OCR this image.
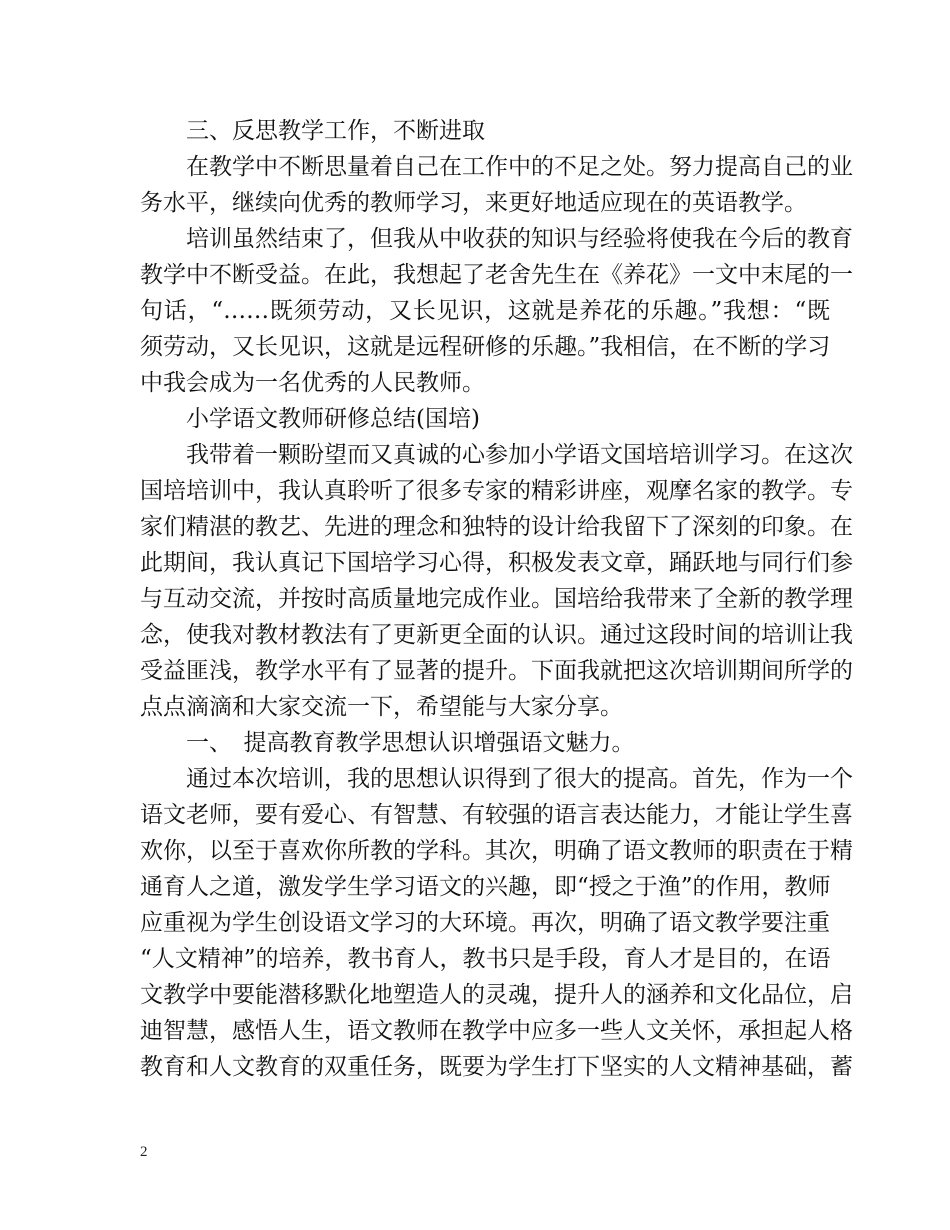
三、反思教学工作，不断进取
在教学中不断思量着自己在工作中的不足之处。努力提高自己的业
务水平，继续向优秀的教师学习，来更好地适应现在的英语教学。
培训虽然结束了，但我从中收获的知识与经验将使我在今后的教育
教学中不断受益。在此，我想起了老舍先生在《养花》一文中末尾的一
句话，“……既须劳动，又长见识，这就是养花的乐趣。”我想：“既
须劳动，又长见识，这就是远程研修的乐趣。”我相信，在不断的学习
中我会成为一名优秀的人民教师。
小学语文教师研修总结(国培)
我带着一颗盼望而又真诚的心参加小学语文国培培训学习。在这次
国培培训中，我认真聆听了很多专家的精彩讲座，观摩名家的教学。专
家们精湛的教艺、先进的理念和独特的设计给我留下了深刻的印象。在
此期间，我认真记下国培学习心得，积极发表文章，踊跃地与同行们参
与互动交流，并按时高质量地完成作业。国培给我带来了全新的教学理
念，使我对教材教法有了更新更全面的认识。通过这段时间的培训让我
受益匪浅，教学水平有了显著的提升。下面我就把这次培训期间所学的
点点滴滴和大家交流一下，希望能与大家分享。
一、　提高教育教学思想认识增强语文魅力。
通过本次培训，我的思想认识得到了很大的提高。首先，作为一个
语文老师，要有爱心、有智慧、有较强的语言表达能力，才能让学生喜
欢你，以至于喜欢你所教的学科。其次，明确了语文教师的职责在于精
通育人之道，激发学生学习语文的兴趣，即“授之于渔”的作用，教师
应重视为学生创设语文学习的大环境。再次，明确了语文教学要注重
“人文精神”的培养，教书育人，教书只是手段，育人才是目的，在语
文教学中要能潜移默化地塑造人的灵魂，提升人的涵养和文化品位，启
迪智慧，感悟人生，语文教师在教学中应多一些人文关怀，承担起人格
教育和人文教育的双重任务，既要为学生打下坚实的人文精神基础，蓄
2
